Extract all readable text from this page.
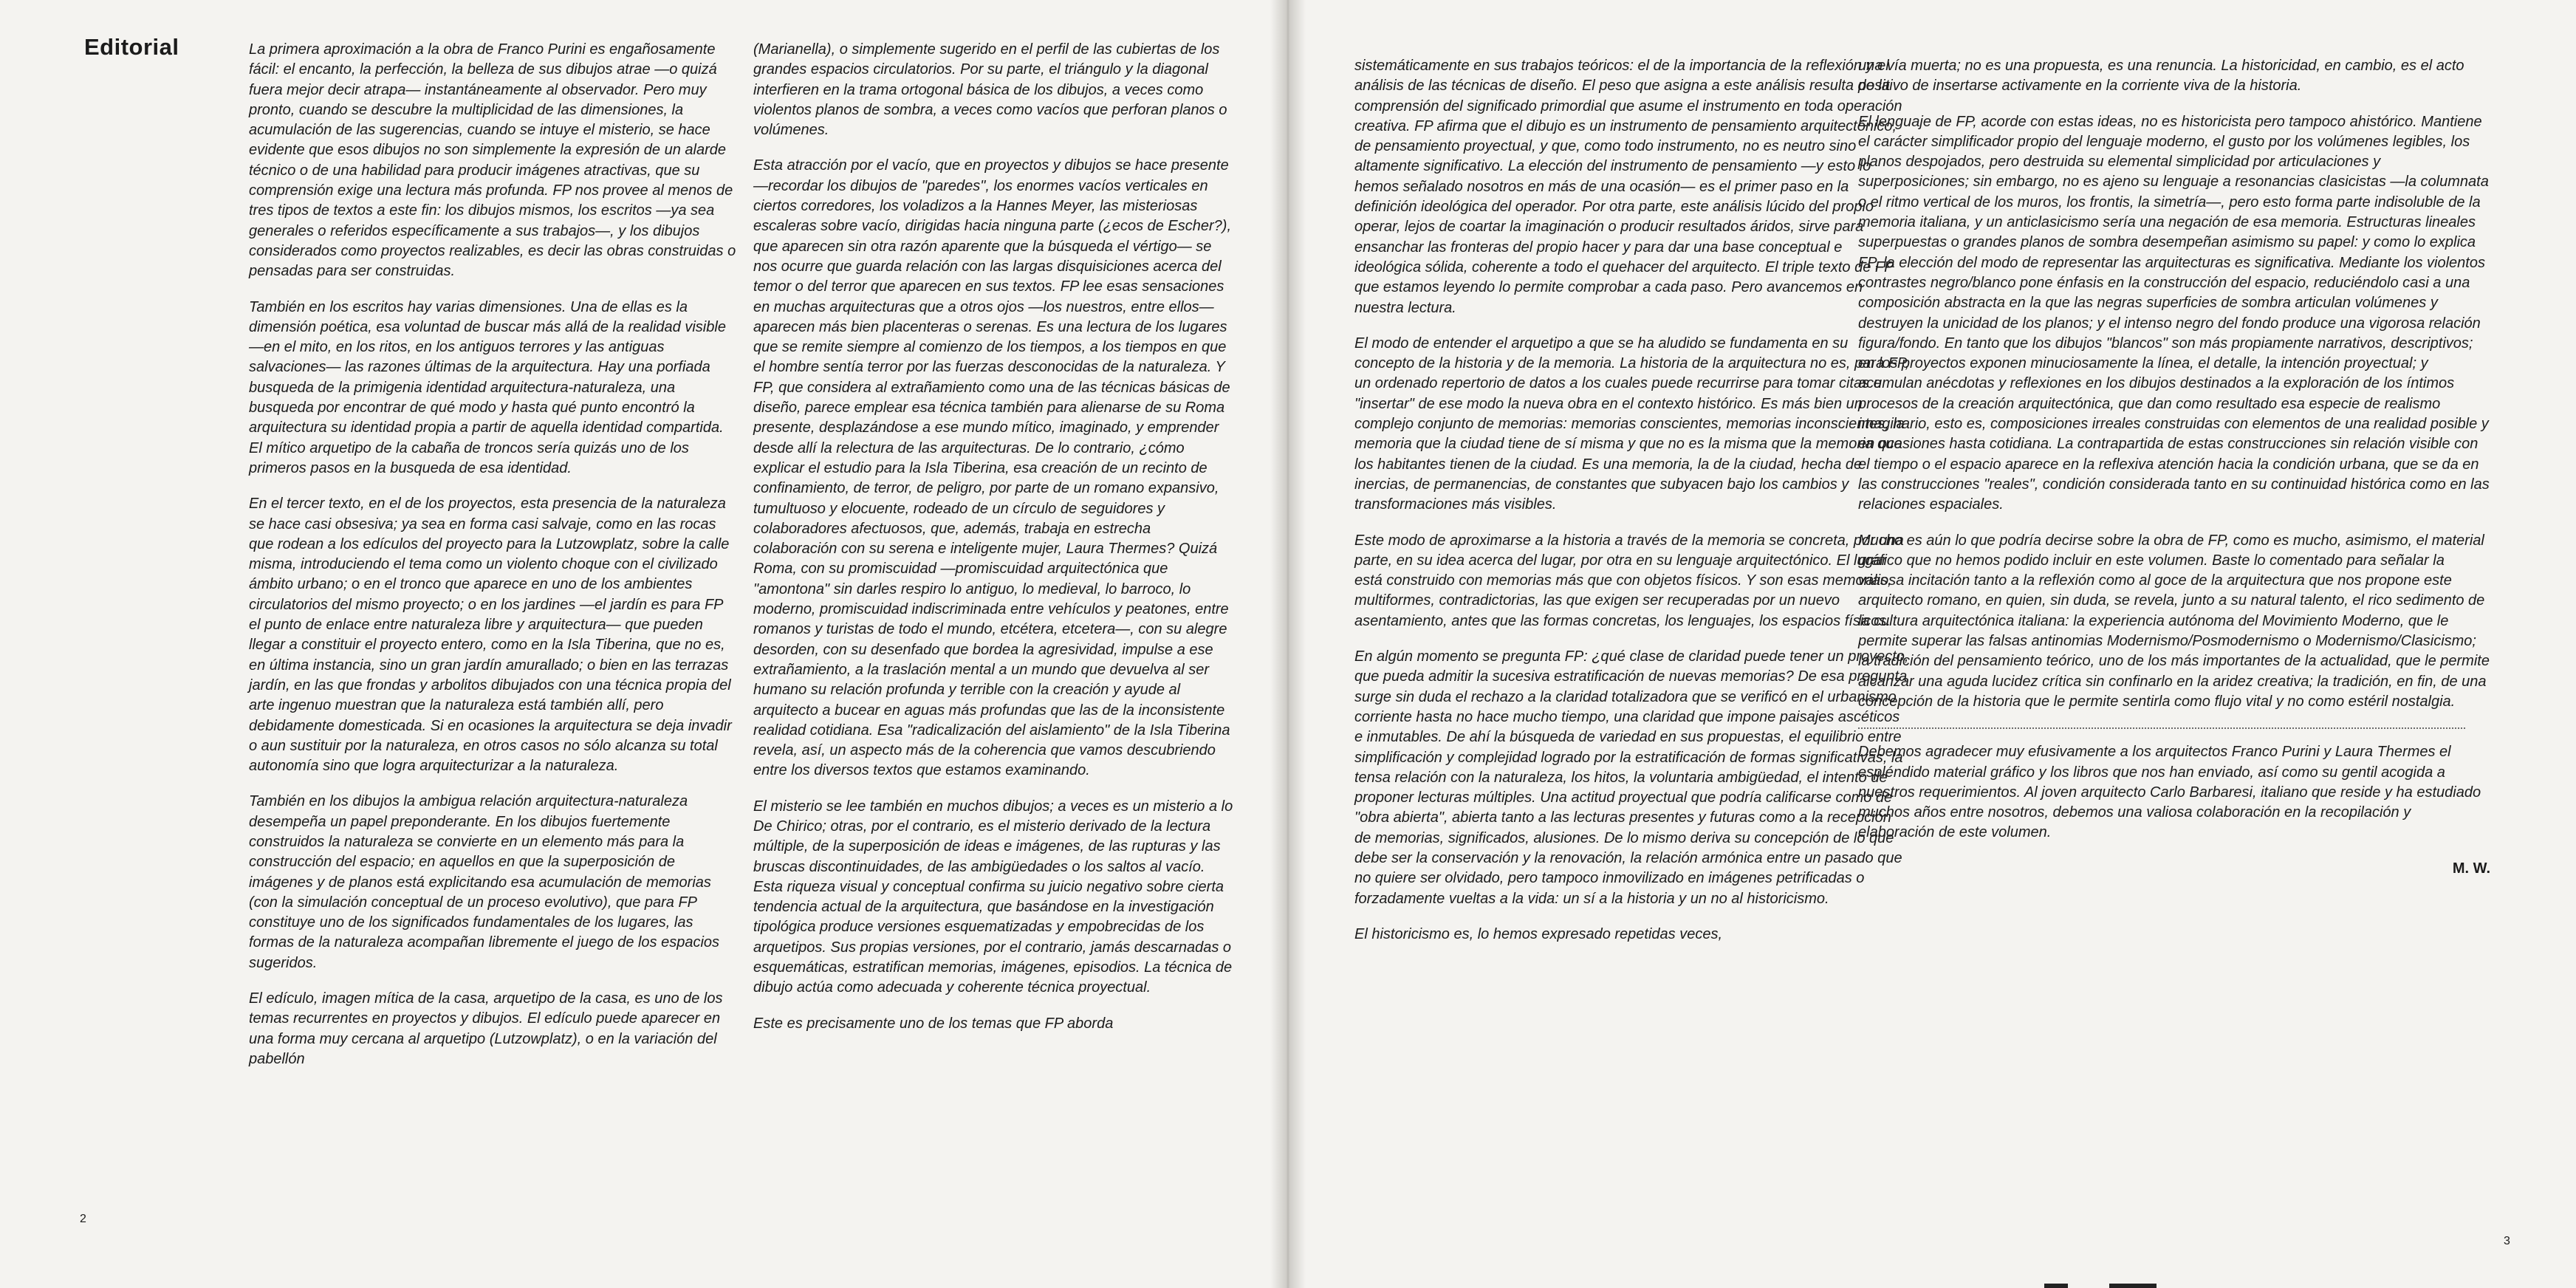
Editorial	La primera aproximación a la obra de Franco Purini es engañosamente fácil: el encanto, la perfección, la belleza de sus dibujos atrae —o quizá fuera mejor decir atrapa— instantáneamente al observador. Pero muy pronto, cuando se descubre la multiplicidad de las dimensiones, la acumulación de las sugerencias, cuando se intuye el misterio, se hace evidente que esos dibujos no son simplemente la expresión de un alarde técnico o de una habilidad para producir imágenes atractivas, que su comprensión exige una lectura más profunda. FP nos provee al menos de tres tipos de textos a este fin: los dibujos mismos, los escritos —ya sea generales o referidos específicamente a sus trabajos—, y los dibujos considerados como proyectos realizables, es decir las obras construidas o pensadas para ser construidas.

También en los escritos hay varias dimensiones. Una de ellas es la dimensión poética, esa voluntad de buscar más allá de la realidad visible —en el mito, en los ritos, en los antiguos terrores y las antiguas salvaciones— las razones últimas de la arquitectura. Hay una porfiada busqueda de la primigenia identidad arquitectura-naturaleza, una busqueda por encontrar de qué modo y hasta qué punto encontró la arquitectura su identidad propia a partir de aquella identidad compartida. El mítico arquetipo de la cabaña de troncos sería quizás uno de los primeros pasos en la busqueda de esa identidad.

En el tercer texto, en el de los proyectos, esta presencia de la naturaleza se hace casi obsesiva; ya sea en forma casi salvaje, como en las rocas que rodean a los edículos del proyecto para la Lutzowplatz, sobre la calle misma, introduciendo el tema como un violento choque con el civilizado ámbito urbano; o en el tronco que aparece en uno de los ambientes circulatorios del mismo proyecto; o en los jardines —el jardín es para FP el punto de enlace entre naturaleza libre y arquitectura— que pueden llegar a constituir el proyecto entero, como en la Isla Tiberina, que no es, en última instancia, sino un gran jardín amurallado; o bien en las terrazas jardín, en las que frondas y arbolitos dibujados con una técnica propia del arte ingenuo muestran que la naturaleza está también allí, pero debidamente domesticada. Si en ocasiones la arquitectura se deja invadir o aun sustituir por la naturaleza, en otros casos no sólo alcanza su total autonomía sino que logra arquitecturizar a la naturaleza.

También en los dibujos la ambigua relación arquitectura-naturaleza desempeña un papel preponderante. En los dibujos fuertemente construidos la naturaleza se convierte en un elemento más para la construcción del espacio; en aquellos en que la superposición de imágenes y de planos está explicitando esa acumulación de memorias (con la simulación conceptual de un proceso evolutivo), que para FP constituye uno de los significados fundamentales de los lugares, las formas de la naturaleza acompañan libremente el juego de los espacios sugeridos.

El edículo, imagen mítica de la casa, arquetipo de la casa, es uno de los temas recurrentes en proyectos y dibujos. El edículo puede aparecer en una forma muy cercana al arquetipo (Lutzowplatz), o en la variación del pabellón

(Marianella), o simplemente sugerido en el perfil de las cubiertas de los grandes espacios circulatorios. Por su parte, el triángulo y la diagonal interfieren en la trama ortogonal básica de los dibujos, a veces como violentos planos de sombra, a veces como vacíos que perforan planos o volúmenes.

Esta atracción por el vacío, que en proyectos y dibujos se hace presente —recordar los dibujos de "paredes", los enormes vacíos verticales en ciertos corredores, los voladizos a la Hannes Meyer, las misteriosas escaleras sobre vacío, dirigidas hacia ninguna parte (¿ecos de Escher?), que aparecen sin otra razón aparente que la búsqueda el vértigo— se nos ocurre que guarda relación con las largas disquisiciones acerca del temor o del terror que aparecen en sus textos. FP lee esas sensaciones en muchas arquitecturas que a otros ojos —los nuestros, entre ellos— aparecen más bien placenteras o serenas. Es una lectura de los lugares que se remite siempre al comienzo de los tiempos, a los tiempos en que el hombre sentía terror por las fuerzas desconocidas de la naturaleza. Y FP, que considera al extrañamiento como una de las técnicas básicas de diseño, parece emplear esa técnica también para alienarse de su Roma presente, desplazándose a ese mundo mítico, imaginado, y emprender desde allí la relectura de las arquitecturas. De lo contrario, ¿cómo explicar el estudio para la Isla Tiberina, esa creación de un recinto de confinamiento, de terror, de peligro, por parte de un romano expansivo, tumultuoso y elocuente, rodeado de un círculo de seguidores y colaboradores afectuosos, que, además, trabaja en estrecha colaboración con su serena e inteligente mujer, Laura Thermes? Quizá Roma, con su promiscuidad —promiscuidad arquitectónica que "amontona" sin darles respiro lo antiguo, lo medieval, lo barroco, lo moderno, promiscuidad indiscriminada entre vehículos y peatones, entre romanos y turistas de todo el mundo, etcétera, etcetera—, con su alegre desorden, con su desenfado que bordea la agresividad, impulse a ese extrañamiento, a la traslación mental a un mundo que devuelva al ser humano su relación profunda y terrible con la creación y ayude al arquitecto a bucear en aguas más profundas que las de la inconsistente realidad cotidiana. Esa "radicalización del aislamiento" de la Isla Tiberina revela, así, un aspecto más de la coherencia que vamos descubriendo entre los diversos textos que estamos examinando.

El misterio se lee también en muchos dibujos; a veces es un misterio a lo De Chirico; otras, por el contrario, es el misterio derivado de la lectura múltiple, de la superposición de ideas e imágenes, de las rupturas y las bruscas discontinuidades, de las ambigüedades o los saltos al vacío. Esta riqueza visual y conceptual confirma su juicio negativo sobre cierta tendencia actual de la arquitectura, que basándose en la investigación tipológica produce versiones esquematizadas y empobrecidas de los arquetipos. Sus propias versiones, por el contrario, jamás descarnadas o esquemáticas, estratifican memorias, imágenes, episodios. La técnica de dibujo actúa como adecuada y coherente técnica proyectual.

Este es precisamente uno de los temas que FP aborda

2

sistemáticamente en sus trabajos teóricos: el de la importancia de la reflexión y el análisis de las técnicas de diseño. El peso que asigna a este análisis resulta de la comprensión del significado primordial que asume el instrumento en toda operación creativa. FP afirma que el dibujo es un instrumento de pensamiento arquitectónico, de pensamiento proyectual, y que, como todo instrumento, no es neutro sino altamente significativo. La elección del instrumento de pensamiento —y esto lo hemos señalado nosotros en más de una ocasión— es el primer paso en la definición ideológica del operador. Por otra parte, este análisis lúcido del propio operar, lejos de coartar la imaginación o producir resultados áridos, sirve para ensanchar las fronteras del propio hacer y para dar una base conceptual e ideológica sólida, coherente a todo el quehacer del arquitecto. El triple texto de FP que estamos leyendo lo permite comprobar a cada paso. Pero avancemos en nuestra lectura.

El modo de entender el arquetipo a que se ha aludido se fundamenta en su concepto de la historia y de la memoria. La historia de la arquitectura no es, para FP, un ordenado repertorio de datos a los cuales puede recurrirse para tomar citas e "insertar" de ese modo la nueva obra en el contexto histórico. Es más bien un complejo conjunto de memorias: memorias conscientes, memorias inconscientes, la memoria que la ciudad tiene de sí misma y que no es la misma que la memoria que los habitantes tienen de la ciudad. Es una memoria, la de la ciudad, hecha de inercias, de permanencias, de constantes que subyacen bajo los cambios y transformaciones más visibles.

Este modo de aproximarse a la historia a través de la memoria se concreta, por una parte, en su idea acerca del lugar, por otra en su lenguaje arquitectónico. El lugar está construido con memorias más que con objetos físicos. Y son esas memorias, multiformes, contradictorias, las que exigen ser recuperadas por un nuevo asentamiento, antes que las formas concretas, los lenguajes, los espacios físicos.

En algún momento se pregunta FP: ¿qué clase de claridad puede tener un proyecto, que pueda admitir la sucesiva estratificación de nuevas memorias? De esa pregunta surge sin duda el rechazo a la claridad totalizadora que se verificó en el urbanismo corriente hasta no hace mucho tiempo, una claridad que impone paisajes ascéticos e inmutables. De ahí la búsqueda de variedad en sus propuestas, el equilibrio entre simplificación y complejidad logrado por la estratificación de formas significativas, la tensa relación con la naturaleza, los hitos, la voluntaria ambigüedad, el intento de proponer lecturas múltiples. Una actitud proyectual que podría calificarse como de "obra abierta", abierta tanto a las lecturas presentes y futuras como a la recepción de memorias, significados, alusiones. De lo mismo deriva su concepción de lo que debe ser la conservación y la renovación, la relación armónica entre un pasado que no quiere ser olvidado, pero tampoco inmovilizado en imágenes petrificadas o forzadamente vueltas a la vida: un sí a la historia y un no al historicismo.

El historicismo es, lo hemos expresado repetidas veces,

una vía muerta; no es una propuesta, es una renuncia. La historicidad, en cambio, es el acto positivo de insertarse activamente en la corriente viva de la historia.

El lenguaje de FP, acorde con estas ideas, no es historicista pero tampoco ahistórico. Mantiene el carácter simplificador propio del lenguaje moderno, el gusto por los volúmenes legibles, los planos despojados, pero destruida su elemental simplicidad por articulaciones y superposiciones; sin embargo, no es ajeno su lenguaje a resonancias clasicistas —la columnata o el ritmo vertical de los muros, los frontis, la simetría—, pero esto forma parte indisoluble de la memoria italiana, y un anticlasicismo sería una negación de esa memoria. Estructuras lineales superpuestas o grandes planos de sombra desempeñan asimismo su papel: y como lo explica FP, la elección del modo de representar las arquitecturas es significativa. Mediante los violentos contrastes negro/blanco pone énfasis en la construcción del espacio, reduciéndolo casi a una composición abstracta en la que las negras superficies de sombra articulan volúmenes y destruyen la unicidad de los planos; y el intenso negro del fondo produce una vigorosa relación figura/fondo. En tanto que los dibujos "blancos" son más propiamente narrativos, descriptivos; en los proyectos exponen minuciosamente la línea, el detalle, la intención proyectual; y acumulan anécdotas y reflexiones en los dibujos destinados a la exploración de los íntimos procesos de la creación arquitectónica, que dan como resultado esa especie de realismo imaginario, esto es, composiciones irreales construidas con elementos de una realidad posible y en ocasiones hasta cotidiana. La contrapartida de estas construcciones sin relación visible con el tiempo o el espacio aparece en la reflexiva atención hacia la condición urbana, que se da en las construcciones "reales", condición considerada tanto en su continuidad histórica como en las relaciones espaciales.

Mucho es aún lo que podría decirse sobre la obra de FP, como es mucho, asimismo, el material gráfico que no hemos podido incluir en este volumen. Baste lo comentado para señalar la valiosa incitación tanto a la reflexión como al goce de la arquitectura que nos propone este arquitecto romano, en quien, sin duda, se revela, junto a su natural talento, el rico sedimento de la cultura arquitectónica italiana: la experiencia autónoma del Movimiento Moderno, que le permite superar las falsas antinomias Modernismo/Posmodernismo o Modernismo/Clasicismo; la tradición del pensamiento teórico, uno de los más importantes de la actualidad, que le permite alcanzar una aguda lucidez crítica sin confinarlo en la aridez creativa; la tradición, en fin, de una concepción de la historia que le permite sentirla como flujo vital y no como estéril nostalgia.

Debemos agradecer muy efusivamente a los arquitectos Franco Purini y Laura Thermes el espléndido material gráfico y los libros que nos han enviado, así como su gentil acogida a nuestros requerimientos. Al joven arquitecto Carlo Barbaresi, italiano que reside y ha estudiado muchos años entre nosotros, debemos una valiosa colaboración en la recopilación y elaboración de este volumen.

M. W.
3
